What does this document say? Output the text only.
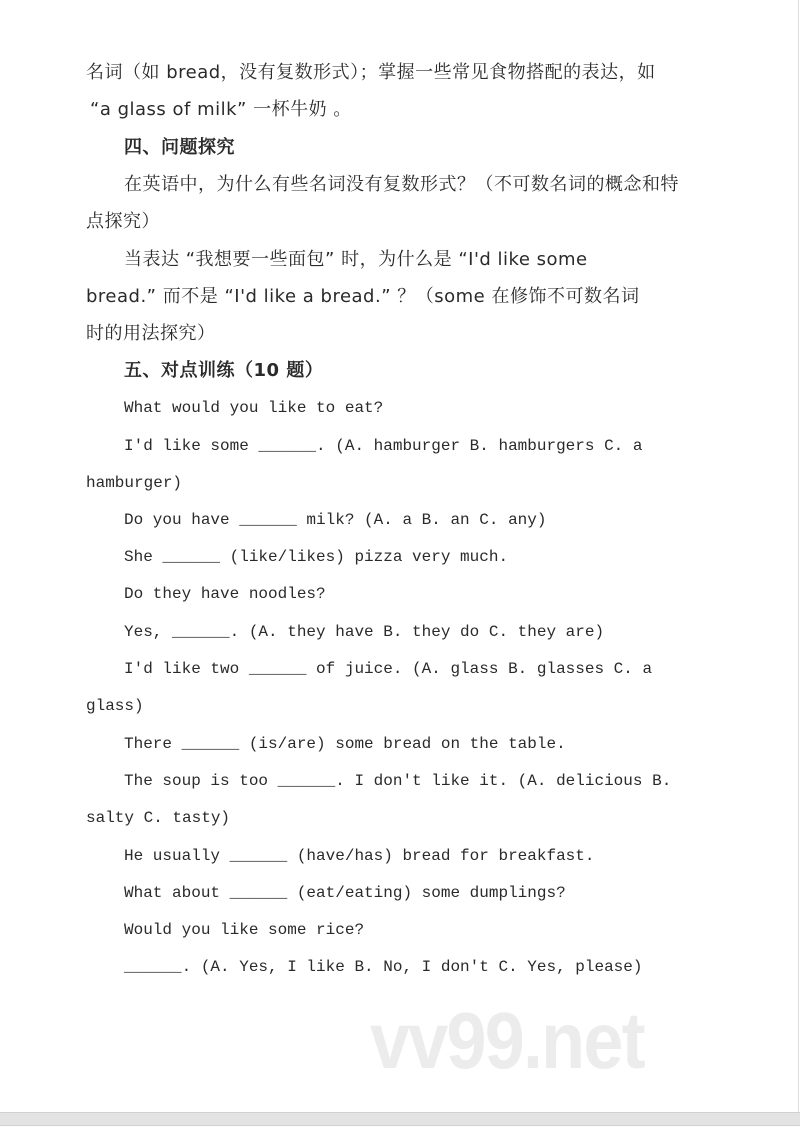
名词（如 bread，没有复数形式）；掌握一些常见食物搭配的表达，如
“a glass of milk” 一杯牛奶 。
四、问题探究
在英语中，为什么有些名词没有复数形式？（不可数名词的概念和特
点探究）
当表达 “我想要一些面包” 时，为什么是 “I'd like some
bread.” 而不是 “I'd like a bread.” ？（some 在修饰不可数名词
时的用法探究）
五、对点训练（10 题）
What would you like to eat?
I'd like some ______. (A. hamburger B. hamburgers C. a
hamburger)
Do you have ______ milk? (A. a B. an C. any)
She ______ (like/likes) pizza very much.
Do they have noodles?
Yes, ______. (A. they have B. they do C. they are)
I'd like two ______ of juice. (A. glass B. glasses C. a
glass)
There ______ (is/are) some bread on the table.
The soup is too ______. I don't like it. (A. delicious B.
salty C. tasty)
He usually ______ (have/has) bread for breakfast.
What about ______ (eat/eating) some dumplings?
Would you like some rice?
______. (A. Yes, I like B. No, I don't C. Yes, please)
vv99.net
